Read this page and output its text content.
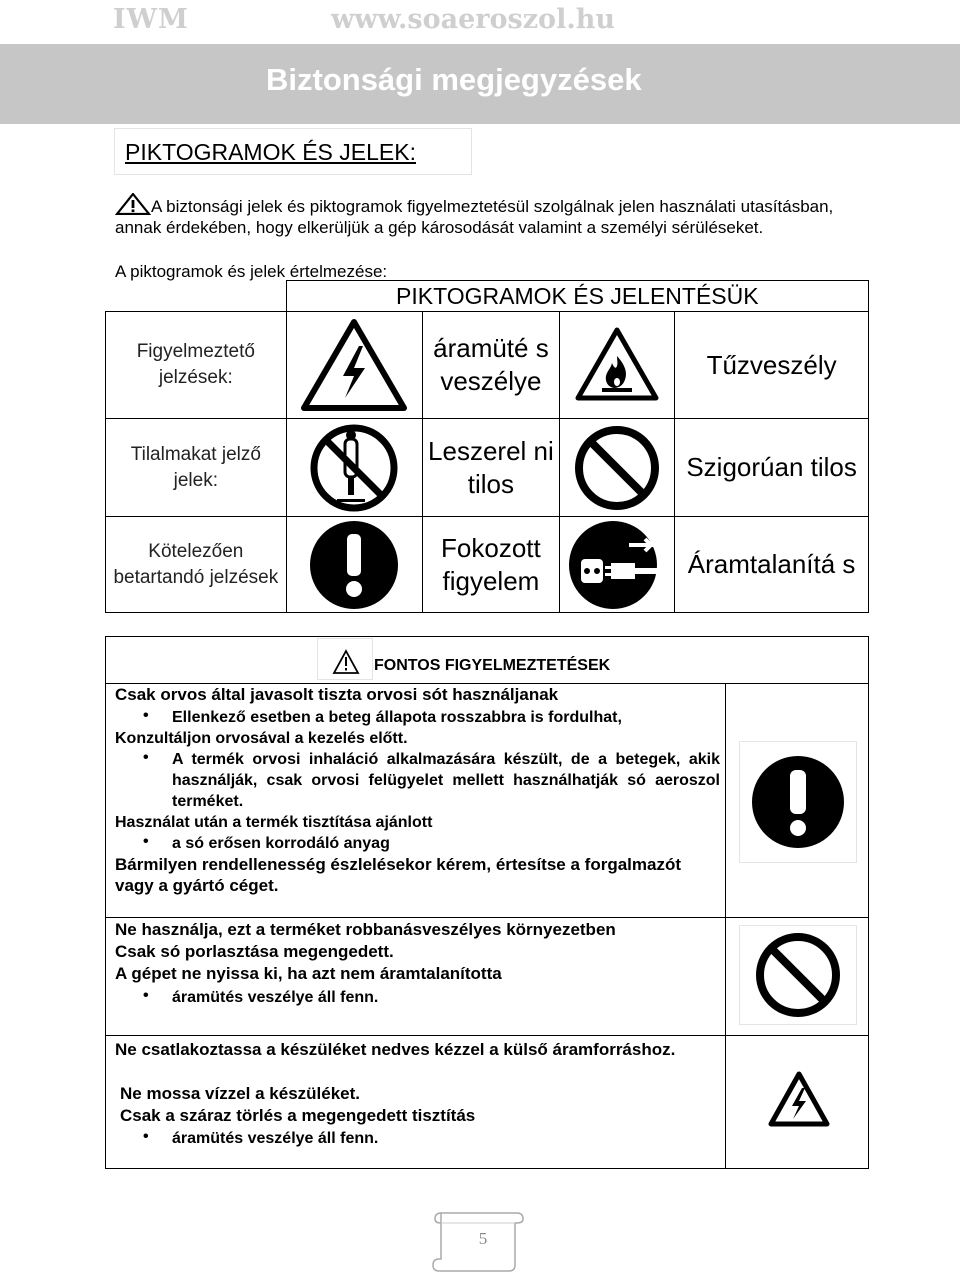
IWM	www.soaeroszol.hu
Biztonsági megjegyzések
PIKTOGRAMOK ÉS JELEK:
A biztonsági jelek és piktogramok figyelmeztetésül szolgálnak jelen használati utasításban, annak érdekében, hogy elkerüljük a gép károsodását valamint a személyi sérüléseket.
A piktogramok és jelek értelmezése:
	PIKTOGRAMOK ÉS JELENTÉSÜK			
Figyelmeztető jelzések:		áramüté s veszélye		Tűzveszély
Tilalmakat jelző jelek:		Leszerel ni tilos		Szigorúan tilos
Kötelezően betartandó jelzések		Fokozott figyelem		Áramtalanítá s
FONTOS FIGYELMEZTETÉSEK
Csak orvos által javasolt tiszta orvosi sót használjanak
• Ellenkező esetben a beteg állapota rosszabbra is fordulhat,
Konzultáljon orvosával a kezelés előtt.
• A termék orvosi inhaláció alkalmazására készült, de a betegek, akik használják, csak orvosi felügyelet mellett használhatják só aeroszol terméket.
Használat után a termék tisztítása ajánlott
• a só erősen korrodáló anyag
Bármilyen rendellenesség észlelésekor kérem, értesítse a forgalmazót vagy a gyártó céget.
Ne használja, ezt a terméket robbanásveszélyes környezetben
Csak só porlasztása megengedett.
A gépet ne nyissa ki, ha azt nem áramtalanította
• áramütés veszélye áll fenn.
Ne csatlakoztassa a készüléket nedves kézzel a külső áramforráshoz.
Ne mossa vízzel a készüléket.
Csak a száraz törlés a megengedett tisztítás
• áramütés veszélye áll fenn.
5
